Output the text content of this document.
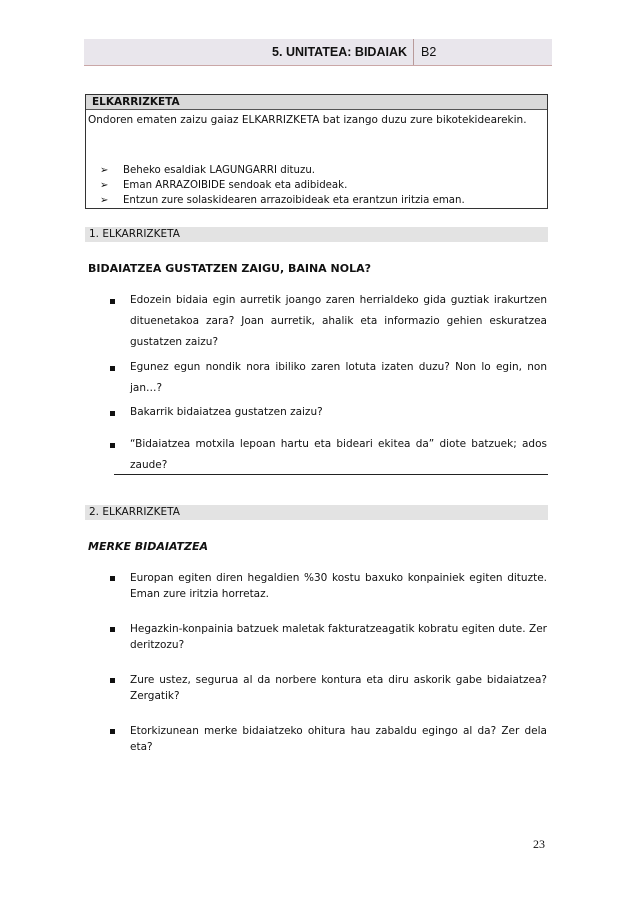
5. UNITATEA: BIDAIAK	B2
ELKARRIZKETA
Ondoren ematen zaizu gaiaz ELKARRIZKETA bat izango duzu zure bikotekidearekin.
➢ Beheko esaldiak LAGUNGARRI dituzu.
➢ Eman ARRAZOIBIDE sendoak eta adibideak.
➢ Entzun zure solaskidearen arrazoibideak eta erantzun iritzia eman.
1. ELKARRIZKETA
BIDAIATZEA GUSTATZEN ZAIGU, BAINA NOLA?
Edozein bidaia egin aurretik joango zaren herrialdeko gida guztiak irakurtzen dituenetakoa zara? Joan aurretik, ahalik eta informazio gehien eskuratzea gustatzen zaizu?
Egunez egun nondik nora ibiliko zaren lotuta izaten duzu? Non lo egin, non jan…?
Bakarrik bidaiatzea gustatzen zaizu?
“Bidaiatzea motxila lepoan hartu eta bideari ekitea da” diote batzuek; ados zaude?
2. ELKARRIZKETA
MERKE BIDAIATZEA
Europan egiten diren hegaldien %30 kostu baxuko konpainiek egiten dituzte. Eman zure iritzia horretaz.
Hegazkin-konpainia batzuek maletak fakturatzeagatik kobratu egiten dute. Zer deritzozu?
Zure ustez, segurua al da norbere kontura eta diru askorik gabe bidaiatzea? Zergatik?
Etorkizunean merke bidaiatzeko ohitura hau zabaldu egingo al da? Zer dela eta?
23
